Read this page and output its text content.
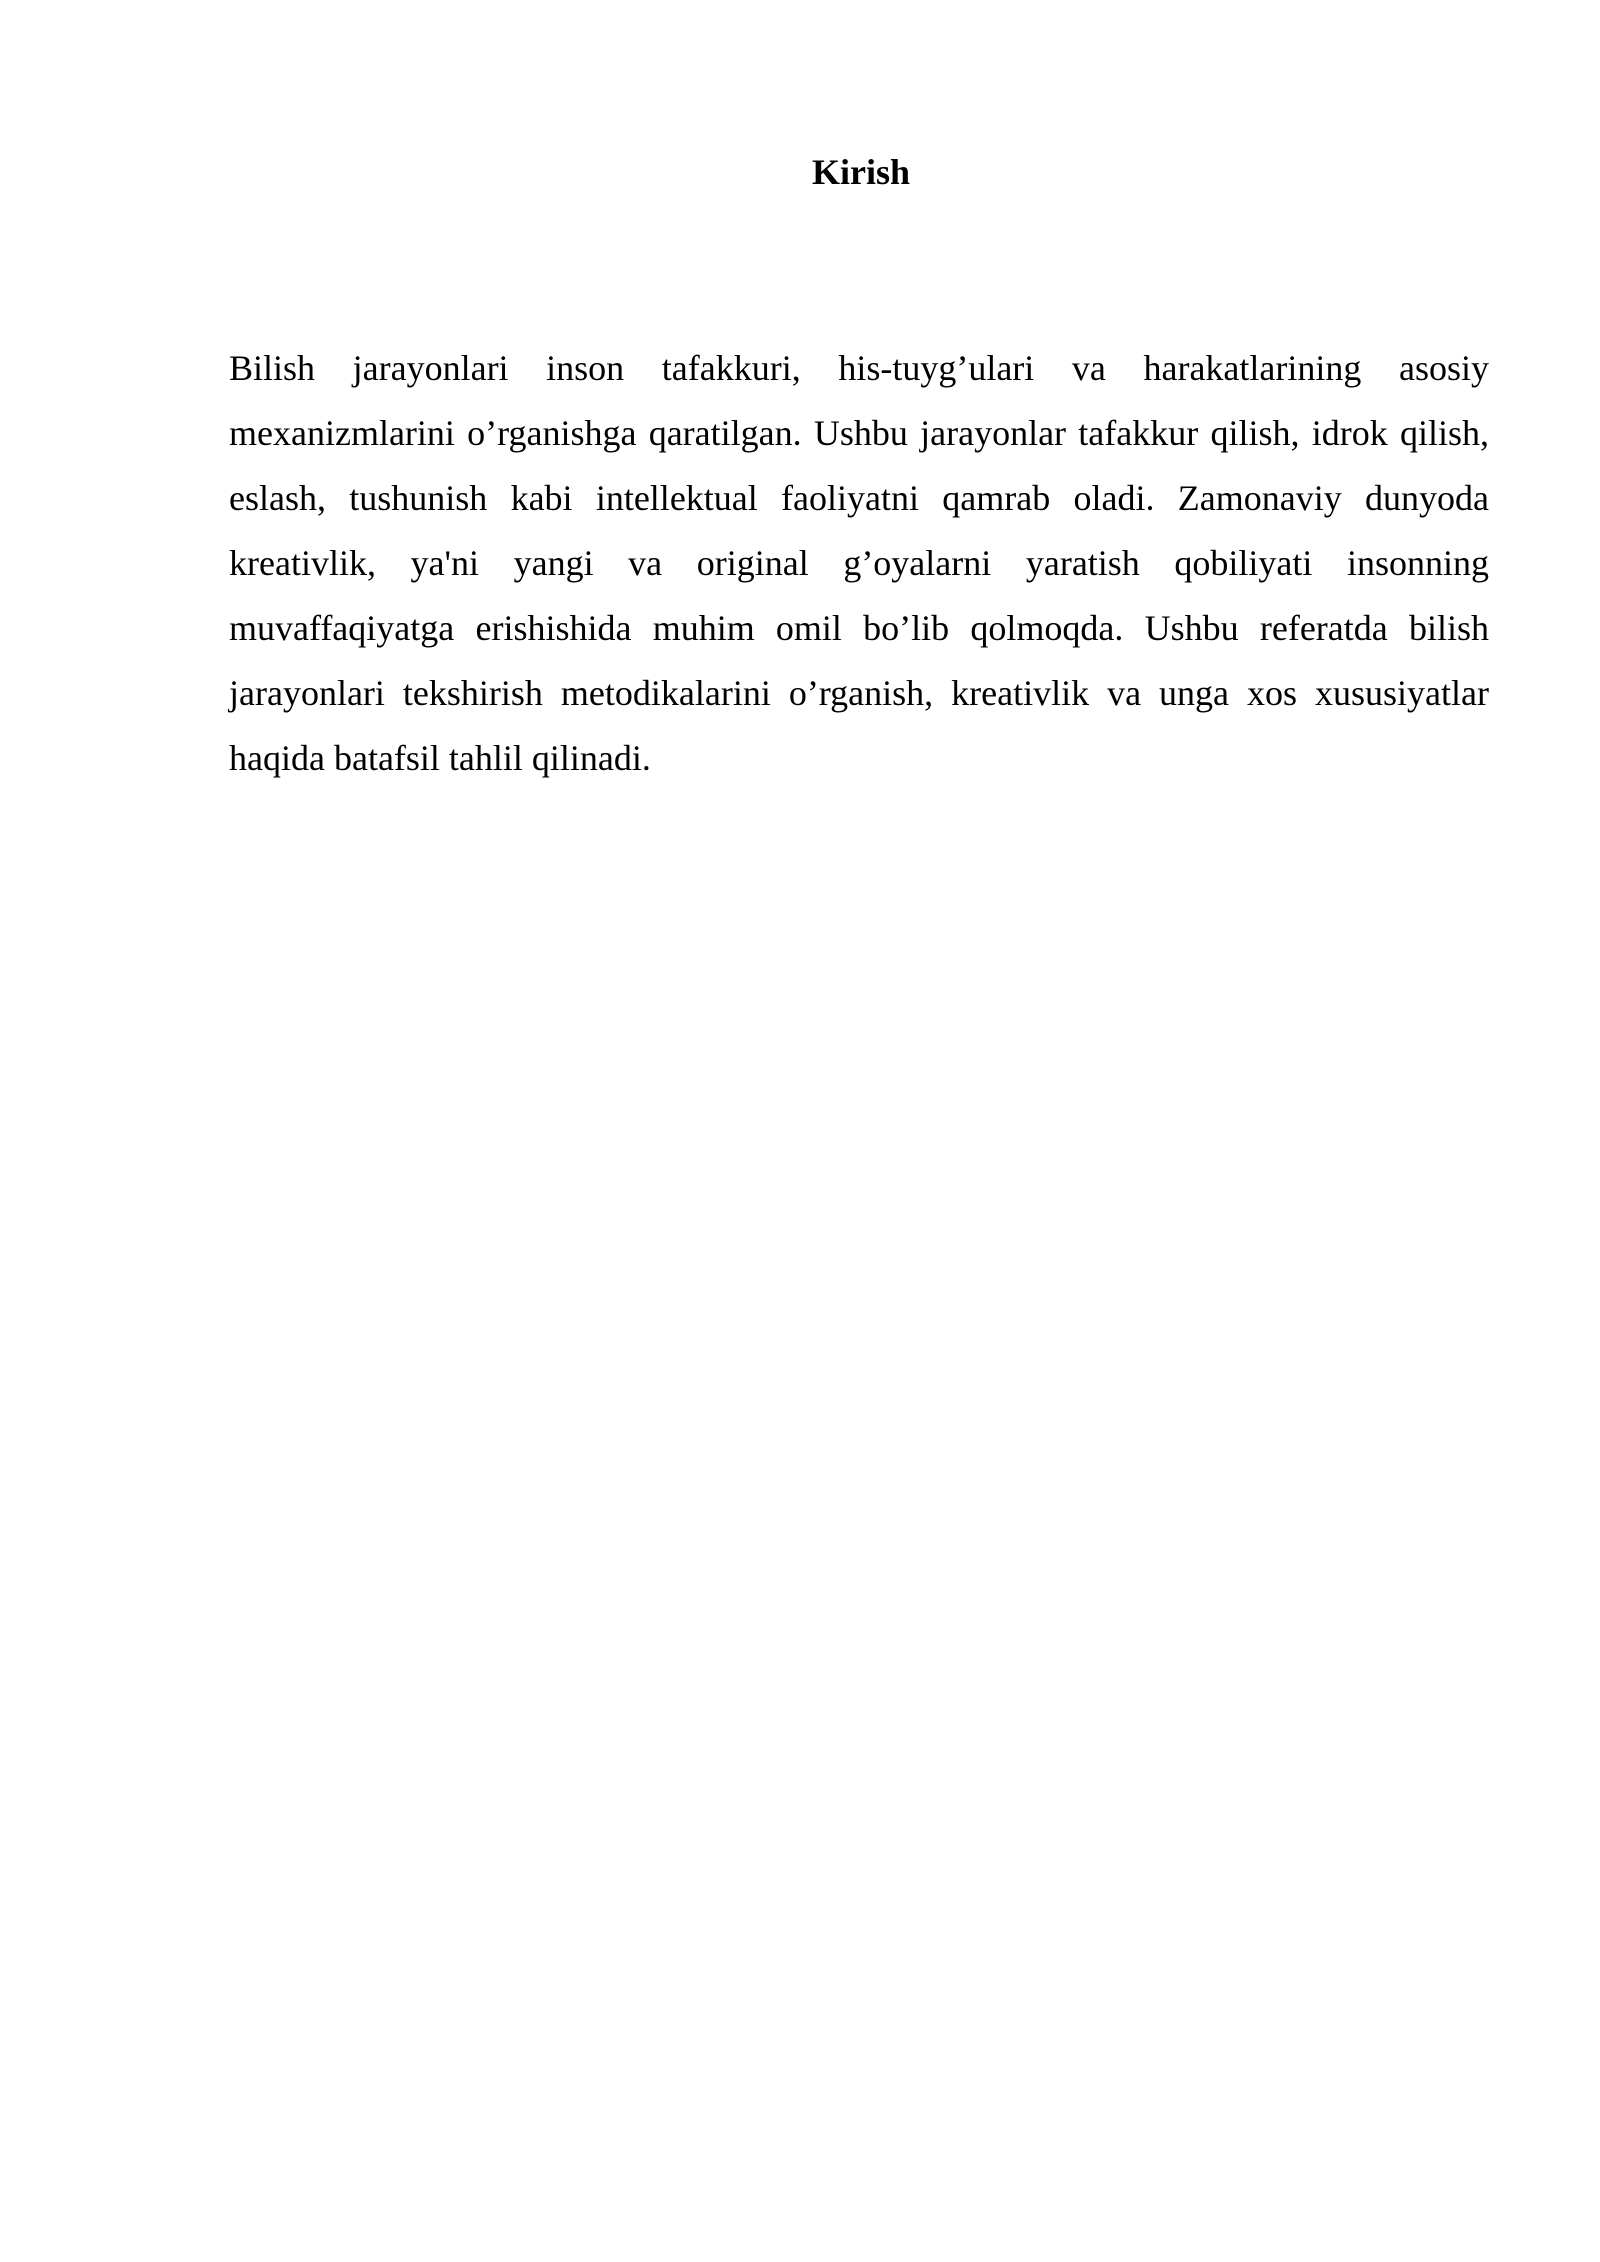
Kirish

Bilish jarayonlari inson tafakkuri, his-tuyg’ulari va harakatlarining asosiy mexanizmlarini o’rganishga qaratilgan. Ushbu jarayonlar tafakkur qilish, idrok qilish, eslash, tushunish kabi intellektual faoliyatni qamrab oladi. Zamonaviy dunyoda kreativlik, ya'ni yangi va original g’oyalarni yaratish qobiliyati insonning muvaffaqiyatga erishishida muhim omil bo’lib qolmoqda. Ushbu referatda bilish jarayonlari tekshirish metodikalarini o’rganish, kreativlik va unga xos xususiyatlar haqida batafsil tahlil qilinadi.
